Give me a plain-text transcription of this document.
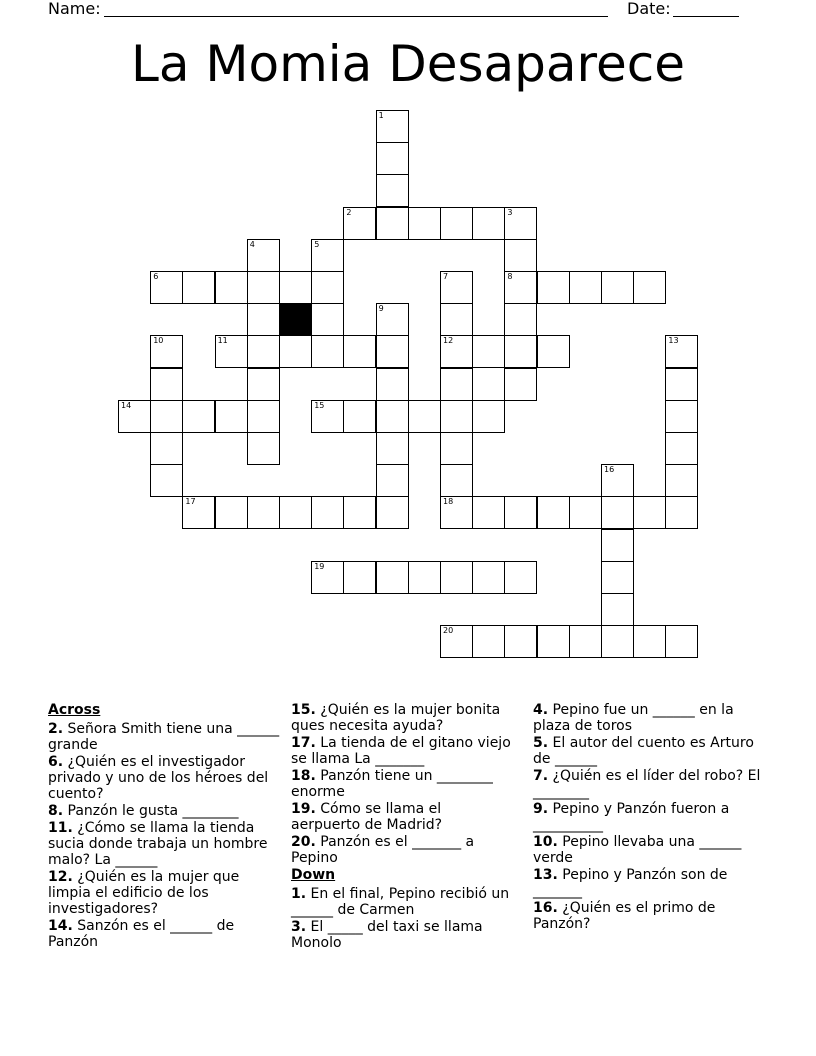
Name:	Date:
La Momia Desaparece
2
6	8
11	12
14	15
17	18
19
20
1
3
4	5
7
9
10	13
16
Across
2. Señora Smith tiene una ______ grande
6. ¿Quién es el investigador privado y uno de los héroes del cuento?
8. Panzón le gusta ________
11. ¿Cómo se llama la tienda sucia donde trabaja un hombre malo? La ______
12. ¿Quién es la mujer que limpia el edificio de los investigadores?
14. Sanzón es el ______ de Panzón
15. ¿Quién es la mujer bonita ques necesita ayuda?
17. La tienda de el gitano viejo se llama La _______
18. Panzón tiene un ________ enorme
19. Cómo se llama el aerpuerto de Madrid?
20. Panzón es el _______ a Pepino
Down
1. En el final, Pepino recibió un ______ de Carmen
3. El _____ del taxi se llama Monolo
4. Pepino fue un ______ en la plaza de toros
5. El autor del cuento es Arturo de ______
7. ¿Quién es el líder del robo? El ________
9. Pepino y Panzón fueron a __________
10. Pepino llevaba una ______ verde
13. Pepino y Panzón son de _______
16. ¿Quién es el primo de Panzón?
